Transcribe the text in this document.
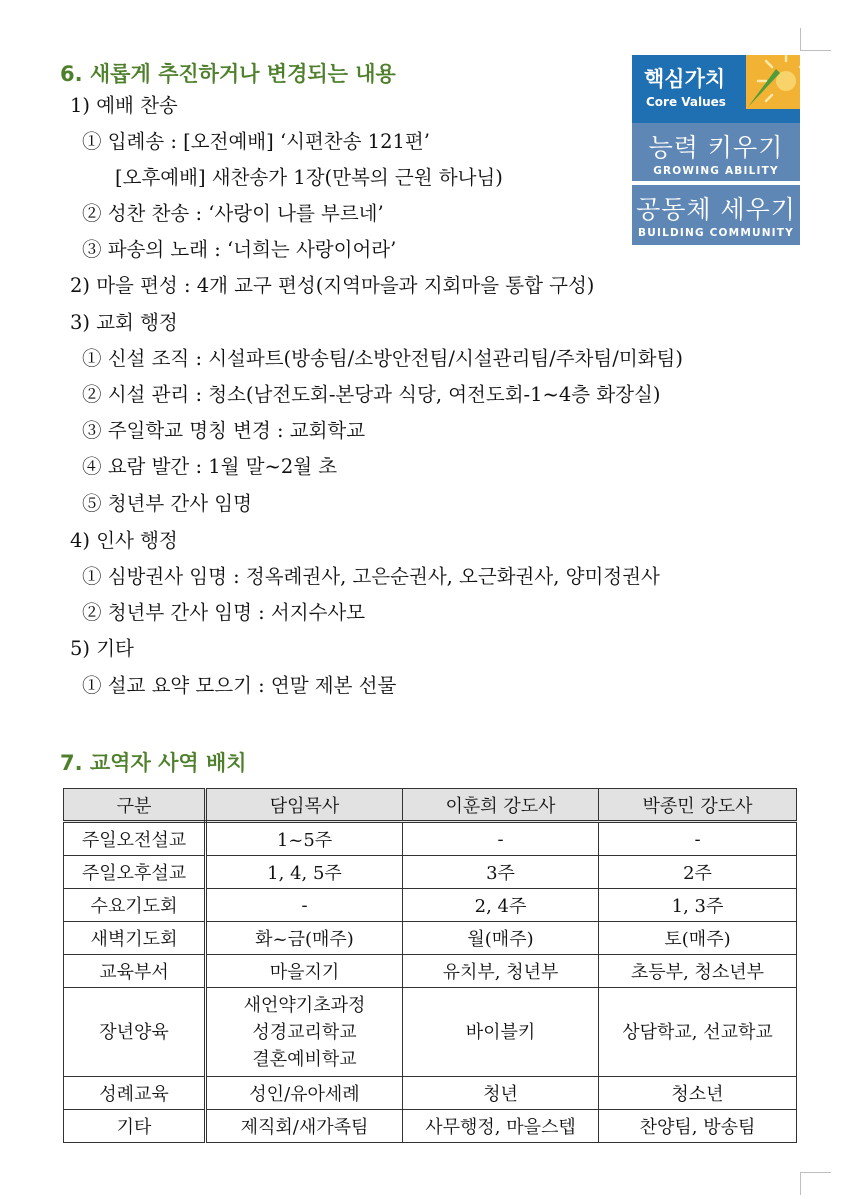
6. 새롭게 추진하거나 변경되는 내용
1) 예배 찬송
① 입례송 : [오전예배] ‘시편찬송 121편’
[오후예배] 새찬송가 1장(만복의 근원 하나님)
② 성찬 찬송 : ‘사랑이 나를 부르네’
③ 파송의 노래 : ‘너희는 사랑이어라’
2) 마을 편성 : 4개 교구 편성(지역마을과 지회마을 통합 구성)
3) 교회 행정
① 신설 조직 : 시설파트(방송팀/소방안전팀/시설관리팀/주차팀/미화팀)
② 시설 관리 : 청소(남전도회-본당과 식당, 여전도회-1~4층 화장실)
③ 주일학교 명칭 변경 : 교회학교
④ 요람 발간 : 1월 말~2월 초
⑤ 청년부 간사 임명
4) 인사 행정
① 심방권사 임명 : 정옥례권사, 고은순권사, 오근화권사, 양미정권사
② 청년부 간사 임명 : 서지수사모
5) 기타
① 설교 요약 모으기 : 연말 제본 선물
핵심가치
Core Values
능력 키우기
GROWING ABILITY
공동체 세우기
BUILDING COMMUNITY
7. 교역자 사역 배치
구분	담임목사	이훈희 강도사	박종민 강도사
주일오전설교	1~5주	-	-
주일오후설교	1, 4, 5주	3주	2주
수요기도회	-	2, 4주	1, 3주
새벽기도회	화~금(매주)	월(매주)	토(매주)
교육부서	마을지기	유치부, 청년부	초등부, 청소년부
장년양육	새언약기초과정
성경교리학교
결혼예비학교	바이블키	상담학교, 선교학교
성례교육	성인/유아세례	청년	청소년
기타	제직회/새가족팀	사무행정, 마을스텝	찬양팀, 방송팀
